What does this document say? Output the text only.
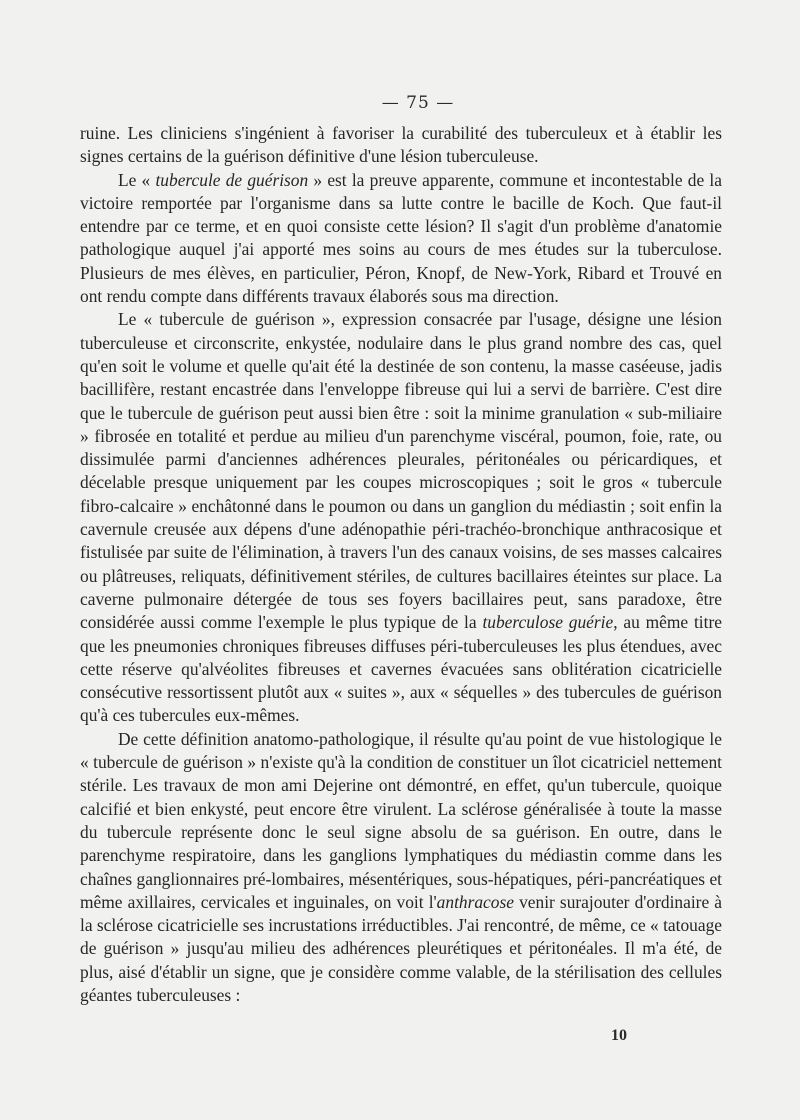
— 75 —

ruine. Les cliniciens s'ingénient à favoriser la curabilité des tuberculeux et à établir les signes certains de la guérison définitive d'une lésion tuberculeuse.

Le « tubercule de guérison » est la preuve apparente, commune et incontestable de la victoire remportée par l'organisme dans sa lutte contre le bacille de Koch. Que faut-il entendre par ce terme, et en quoi consiste cette lésion? Il s'agit d'un problème d'anatomie pathologique auquel j'ai apporté mes soins au cours de mes études sur la tuberculose. Plusieurs de mes élèves, en particulier, Péron, Knopf, de New-York, Ribard et Trouvé en ont rendu compte dans différents travaux élaborés sous ma direction.

Le « tubercule de guérison », expression consacrée par l'usage, désigne une lésion tuberculeuse et circonscrite, enkystée, nodulaire dans le plus grand nombre des cas, quel qu'en soit le volume et quelle qu'ait été la destinée de son contenu, la masse caséeuse, jadis bacillifère, restant encastrée dans l'enveloppe fibreuse qui lui a servi de barrière. C'est dire que le tubercule de guérison peut aussi bien être : soit la minime granulation « sub-miliaire » fibrosée en totalité et perdue au milieu d'un parenchyme viscéral, poumon, foie, rate, ou dissimulée parmi d'anciennes adhérences pleurales, péritonéales ou péricardiques, et décelable presque uniquement par les coupes microscopiques ; soit le gros « tubercule fibro-calcaire » enchâtonné dans le poumon ou dans un ganglion du médiastin ; soit enfin la cavernule creusée aux dépens d'une adénopathie péri-trachéo-bronchique anthracosique et fistulisée par suite de l'élimination, à travers l'un des canaux voisins, de ses masses calcaires ou plâtreuses, reliquats, définitivement stériles, de cultures bacillaires éteintes sur place. La caverne pulmonaire détergée de tous ses foyers bacillaires peut, sans paradoxe, être considérée aussi comme l'exemple le plus typique de la tuberculose guérie, au même titre que les pneumonies chroniques fibreuses diffuses péri-tuberculeuses les plus étendues, avec cette réserve qu'alvéolites fibreuses et cavernes évacuées sans oblitération cicatricielle consécutive ressortissent plutôt aux « suites », aux « séquelles » des tubercules de guérison qu'à ces tubercules eux-mêmes.

De cette définition anatomo-pathologique, il résulte qu'au point de vue histologique le « tubercule de guérison » n'existe qu'à la condition de constituer un îlot cicatriciel nettement stérile. Les travaux de mon ami Dejerine ont démontré, en effet, qu'un tubercule, quoique calcifié et bien enkysté, peut encore être virulent. La sclérose généralisée à toute la masse du tubercule représente donc le seul signe absolu de sa guérison. En outre, dans le parenchyme respiratoire, dans les ganglions lymphatiques du médiastin comme dans les chaînes ganglionnaires pré-lombaires, mésentériques, sous-hépatiques, péri-pancréatiques et même axillaires, cervicales et inguinales, on voit l'anthracose venir surajouter d'ordinaire à la sclérose cicatricielle ses incrustations irréductibles. J'ai rencontré, de même, ce « tatouage de guérison » jusqu'au milieu des adhérences pleurétiques et péritonéales. Il m'a été, de plus, aisé d'établir un signe, que je considère comme valable, de la stérilisation des cellules géantes tuberculeuses :

10
